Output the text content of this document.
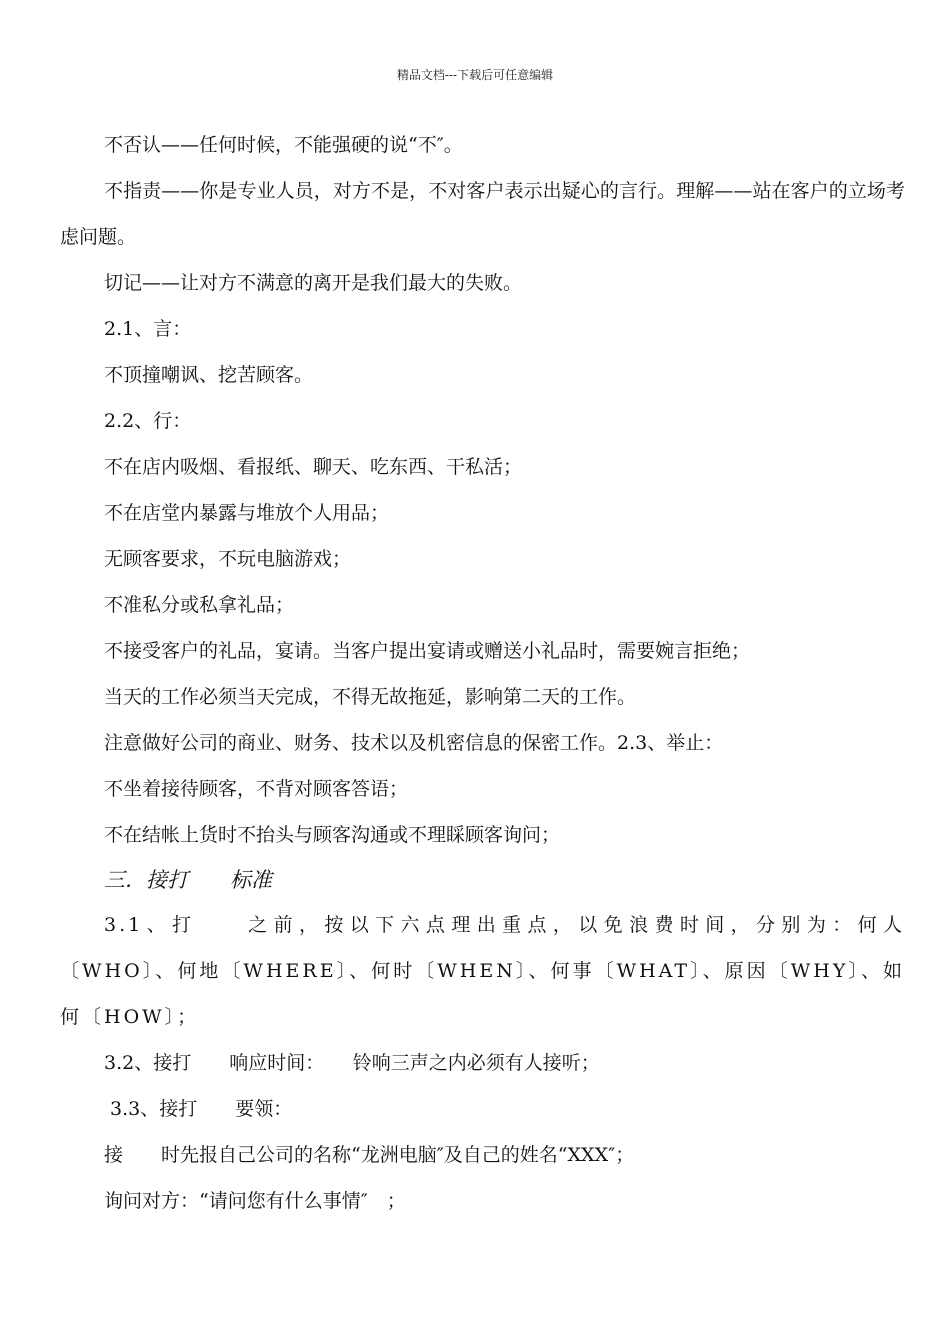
精品文档---下载后可任意编辑

不否认——任何时候，不能强硬的说“不″。

不指责——你是专业人员，对方不是，不对客户表示出疑心的言行。理解——站在客户的立场考虑问题。

切记——让对方不满意的离开是我们最大的失败。

2.1、言：

不顶撞嘲讽、挖苦顾客。

2.2、行：

不在店内吸烟、看报纸、聊天、吃东西、干私活；

不在店堂内暴露与堆放个人用品；

无顾客要求，不玩电脑游戏；

不准私分或私拿礼品；

不接受客户的礼品，宴请。当客户提出宴请或赠送小礼品时，需要婉言拒绝；

当天的工作必须当天完成，不得无故拖延，影响第二天的工作。

注意做好公司的商业、财务、技术以及机密信息的保密工作。2.3、举止：

不坐着接待顾客，不背对顾客答语；

不在结帐上货时不抬头与顾客沟通或不理睬顾客询问；

三．接打　　标准

3.1、打　　之前，按以下六点理出重点，以免浪费时间，分别为：何人〔WHO〕、何地〔WHERE〕、何时〔WHEN〕、何事〔WHAT〕、原因〔WHY〕、如何〔HOW〕；

3.2、接打　　响应时间：　　铃响三声之内必须有人接听；

3.3、接打　　要领：

接　　时先报自己公司的名称“龙洲电脑″及自己的姓名“XXX″；

询问对方：“请问您有什么事情″　；
